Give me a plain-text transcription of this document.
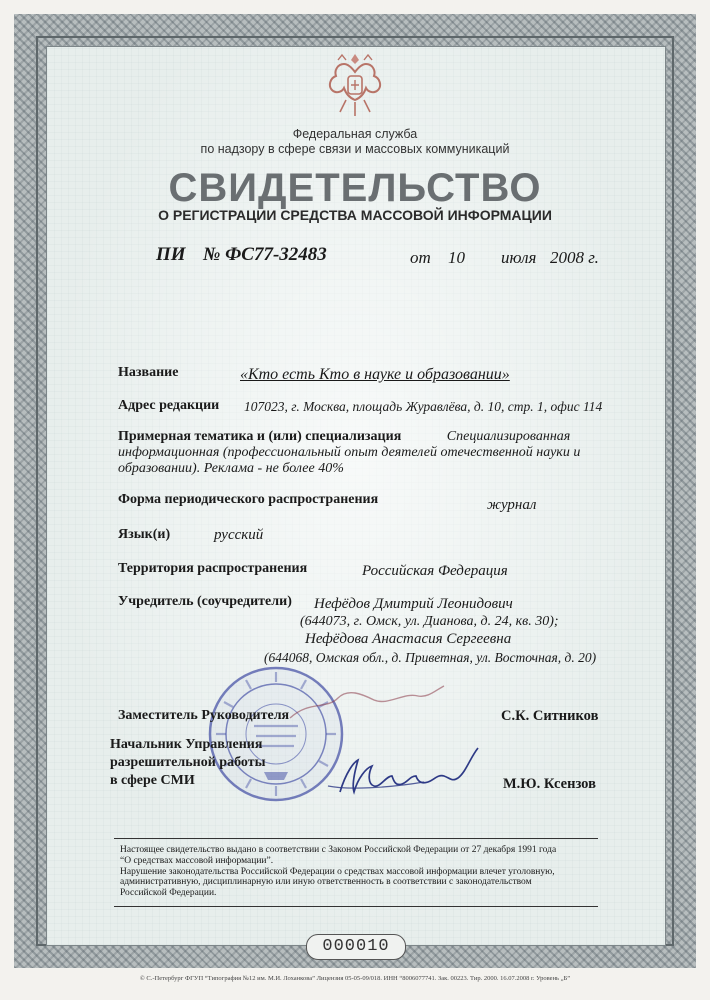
Федеральная служба
по надзору в сфере связи и массовых коммуникаций
СВИДЕТЕЛЬСТВО
О РЕГИСТРАЦИИ СРЕДСТВА МАССОВОЙ ИНФОРМАЦИИ
ПИ № ФС77-32483	от 10 июля 2008 г.
Название	«Кто есть Кто в науке и образовании»
Адрес редакции 107023, г. Москва, площадь Журавлёва, д. 10, стр. 1, офис 114
Примерная тематика и (или) специализация	Специализированная информационная (профессиональный опыт деятелей отечественной науки и образовании). Реклама - не более 40%
Форма периодического распространения	журнал
Язык(и)	русский
Территория распространения	Российская Федерация
Учредитель (соучредители) Нефёдов Дмитрий Леонидович
(644073, г. Омск, ул. Дианова, д. 24, кв. 30);
Нефёдова Анастасия Сергеевна
(644068, Омская обл., д. Приветная, ул. Восточная, д. 20)
Заместитель Руководителя	С.К. Ситников
Начальник Управления
разрешительной работы
в сфере СМИ	М.Ю. Ксензов
Настоящее свидетельство выдано в соответствии с Законом Российской Федерации от 27 декабря 1991 года
“О средствах массовой информации”.
Нарушение законодательства Российской Федерации о средствах массовой информации влечет уголовную,
административную, дисциплинарную или иную ответственность в соответствии с законодательством
Российской Федерации.
000010
© С.-Петербург ФГУП “Типография №12 им. М.И. Лоханкова” Лицензия 05-05-09/018. ИНН “8006077741. Зак. 00223. Тир. 2000. 16.07.2008 г. Уровень „Б”
